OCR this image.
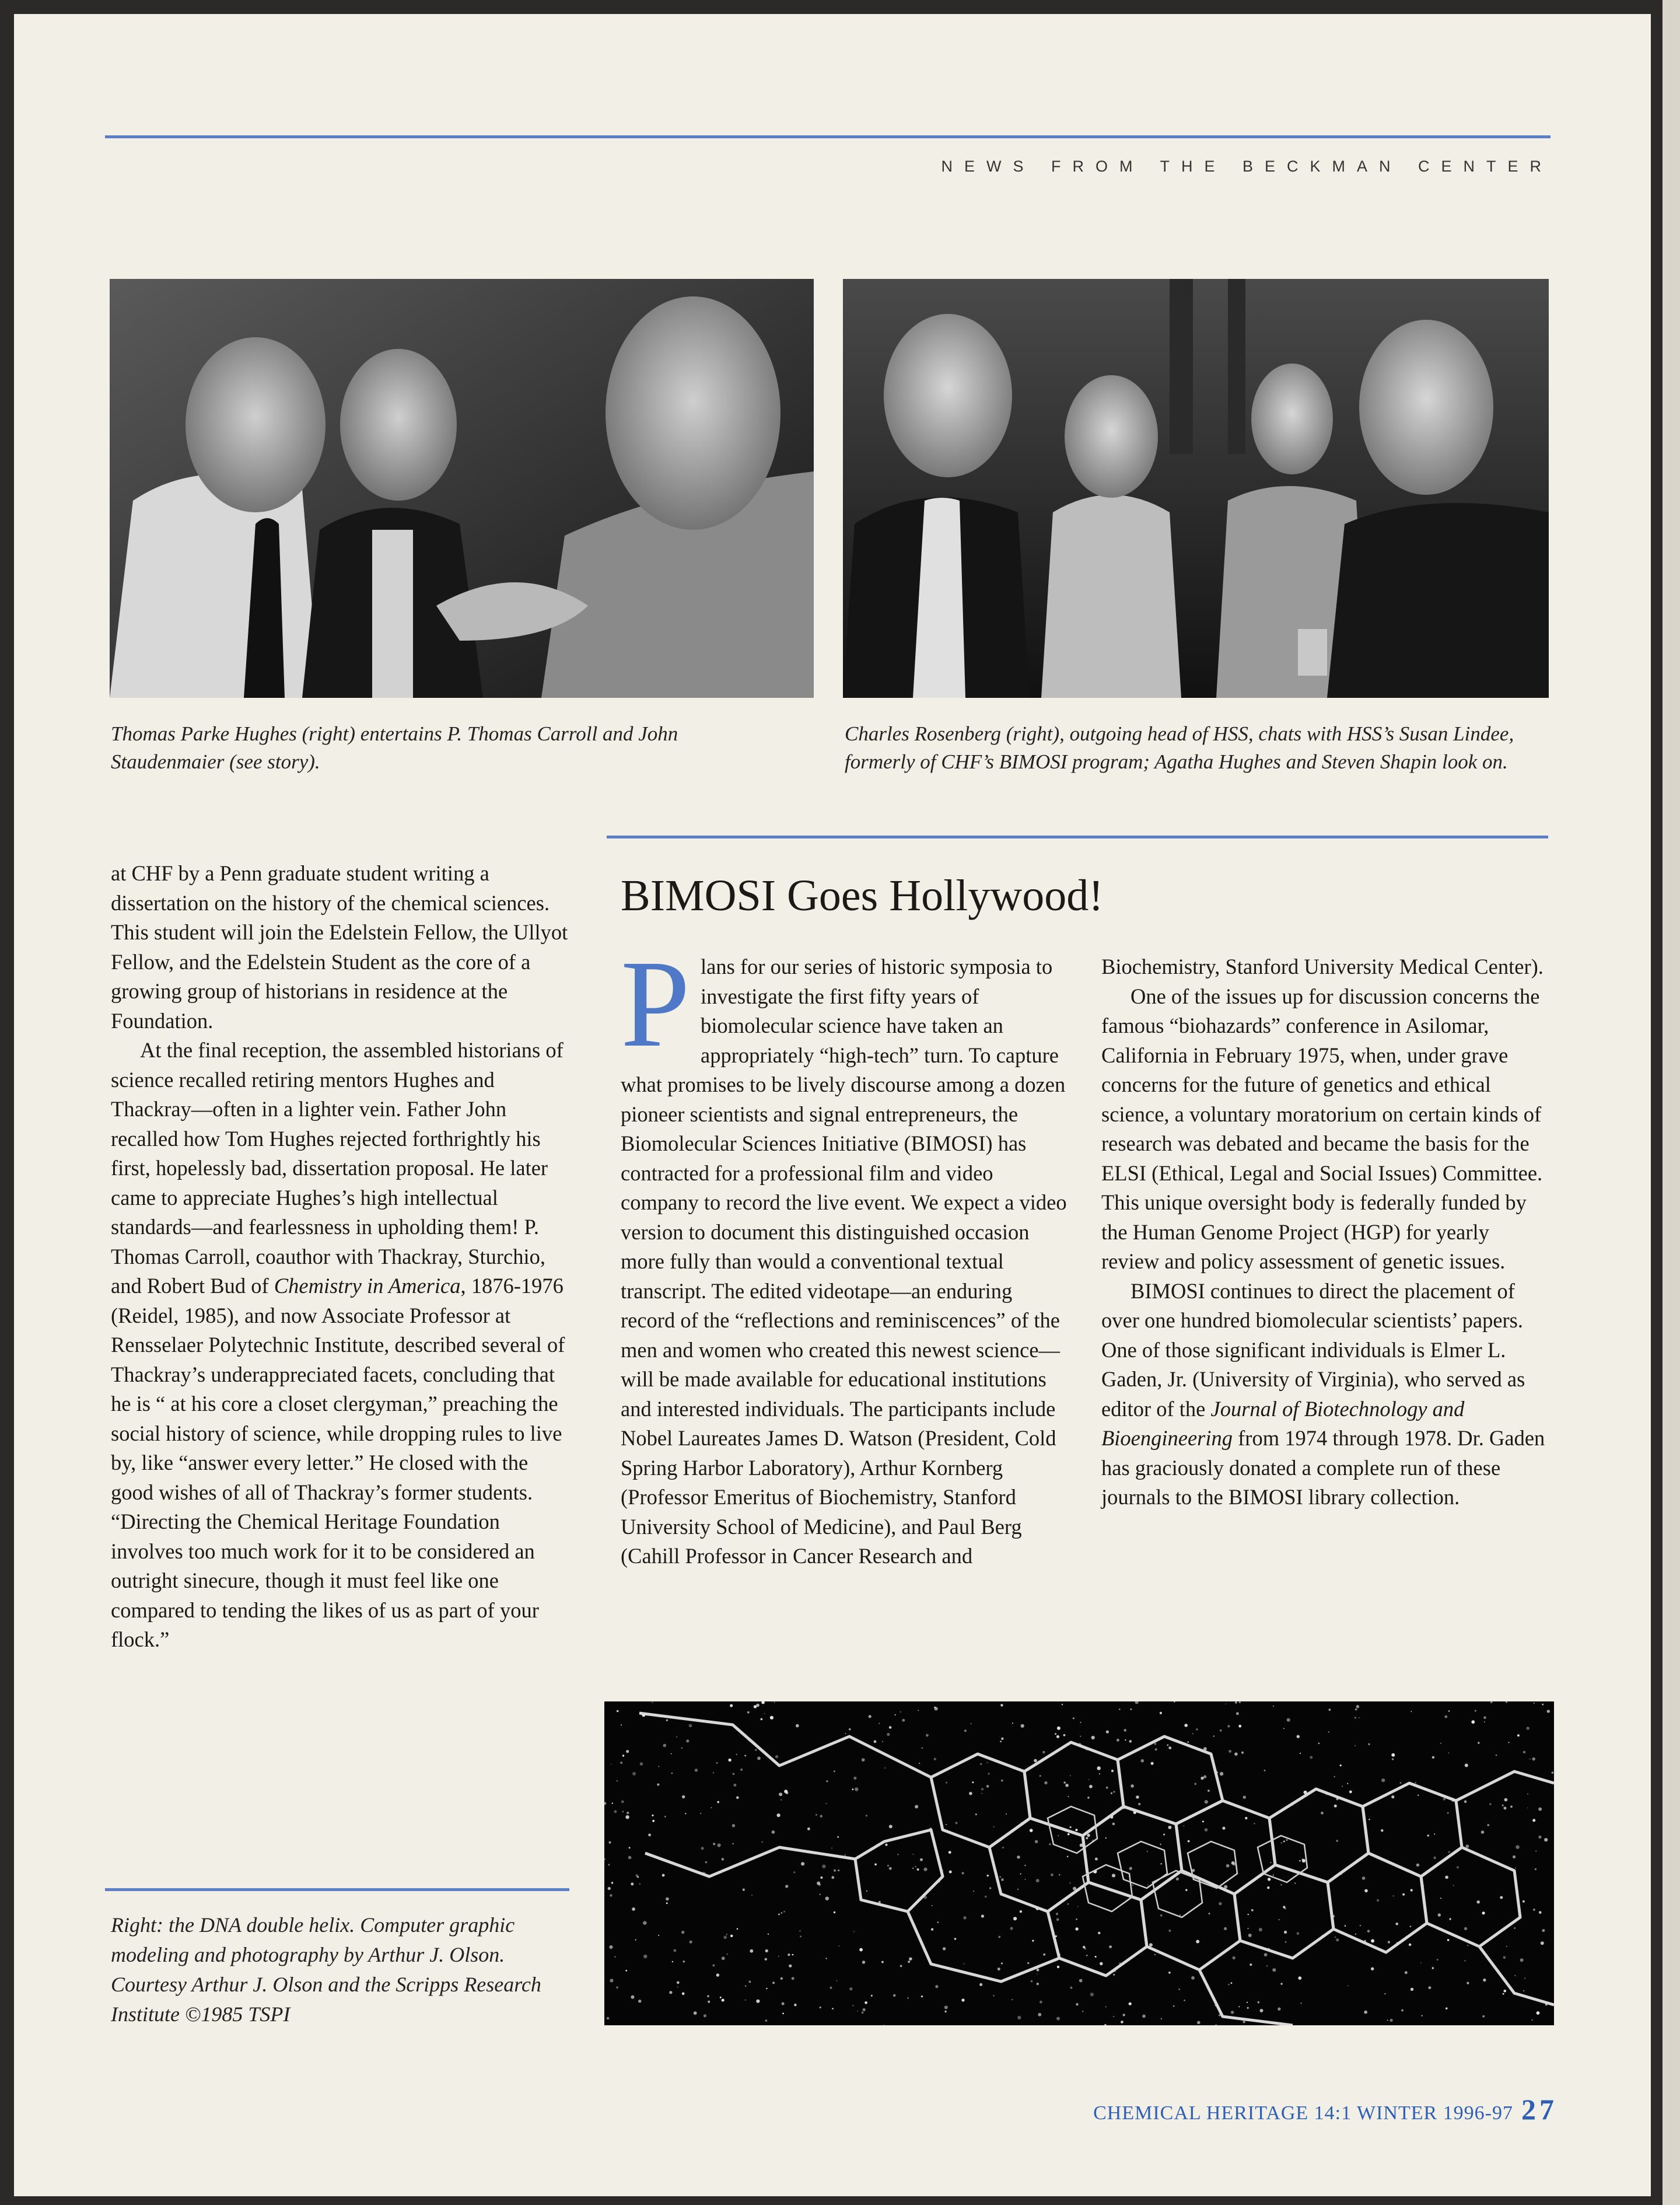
NEWS FROM THE BECKMAN CENTER
Thomas Parke Hughes (right) entertains P. Thomas Carroll and John Staudenmaier (see story).
Charles Rosenberg (right), outgoing head of HSS, chats with HSS’s Susan Lindee, formerly of CHF’s BIMOSI program; Agatha Hughes and Steven Shapin look on.

at CHF by a Penn graduate student writing a dissertation on the history of the chemical sciences. This student will join the Edelstein Fellow, the Ullyot Fellow, and the Edelstein Student as the core of a growing group of historians in residence at the Foundation.

At the final reception, the assembled historians of science recalled retiring mentors Hughes and Thackray—often in a lighter vein. Father John recalled how Tom Hughes rejected forthrightly his first, hopelessly bad, dissertation proposal. He later came to appreciate Hughes’s high intellectual standards—and fearlessness in upholding them! P. Thomas Carroll, coauthor with Thackray, Sturchio, and Robert Bud of Chemistry in America, 1876-1976 (Reidel, 1985), and now Associate Professor at Rensselaer Polytechnic Institute, described several of Thackray’s underappreciated facets, concluding that he is “ at his core a closet clergyman,” preaching the social history of science, while dropping rules to live by, like “answer every letter.” He closed with the good wishes of all of Thackray’s former students. “Directing the Chemical Heritage Foundation involves too much work for it to be considered an outright sinecure, though it must feel like one compared to tending the likes of us as part of your flock.”

Right: the DNA double helix. Computer graphic modeling and photography by Arthur J. Olson. Courtesy Arthur J. Olson and the Scripps Research Institute ©1985 TSPI
BIMOSI Goes Hollywood!

Plans for our series of historic symposia to investigate the first fifty years of biomolecular science have taken an appropriately “high-tech” turn. To capture what promises to be lively discourse among a dozen pioneer scientists and signal entrepreneurs, the Biomolecular Sciences Initiative (BIMOSI) has contracted for a professional film and video company to record the live event. We expect a video version to document this distinguished occasion more fully than would a conventional textual transcript. The edited videotape—an enduring record of the “reflections and reminiscences” of the men and women who created this newest science—will be made available for educational institutions and interested individuals. The participants include Nobel Laureates James D. Watson (President, Cold Spring Harbor Laboratory), Arthur Kornberg (Professor Emeritus of Biochemistry, Stanford University School of Medicine), and Paul Berg (Cahill Professor in Cancer Research and

Biochemistry, Stanford University Medical Center).

One of the issues up for discussion concerns the famous “biohazards” conference in Asilomar, California in February 1975, when, under grave concerns for the future of genetics and ethical science, a voluntary moratorium on certain kinds of research was debated and became the basis for the ELSI (Ethical, Legal and Social Issues) Committee. This unique oversight body is federally funded by the Human Genome Project (HGP) for yearly review and policy assessment of genetic issues.

BIMOSI continues to direct the placement of over one hundred biomolecular scientists’ papers. One of those significant individuals is Elmer L. Gaden, Jr. (University of Virginia), who served as editor of the Journal of Biotechnology and Bioengineering from 1974 through 1978. Dr. Gaden has graciously donated a complete run of these journals to the BIMOSI library collection.

CHEMICAL HERITAGE 14:1 WINTER 1996-97 27
